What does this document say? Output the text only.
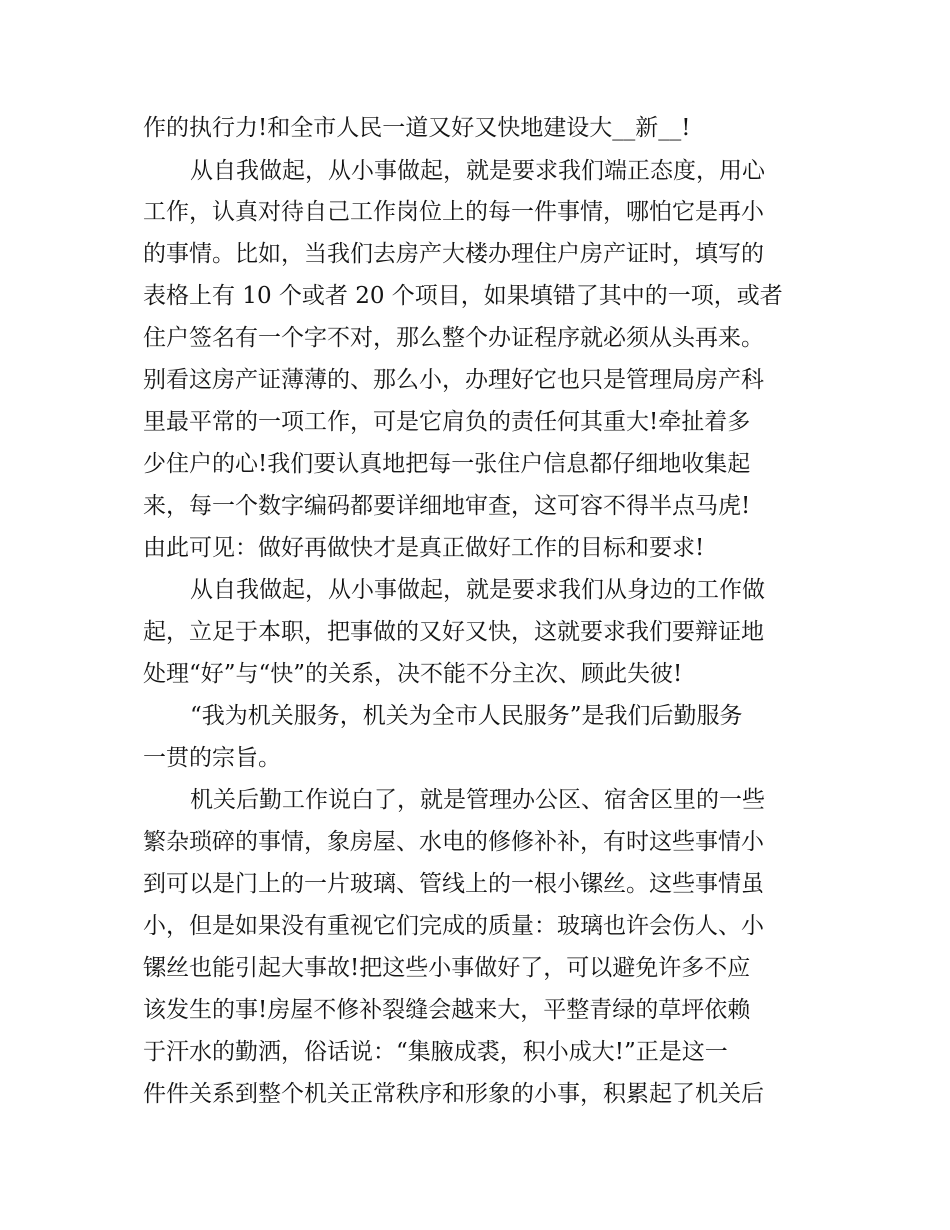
作的执行力!和全市人民一道又好又快地建设大__新__!
从自我做起，从小事做起，就是要求我们端正态度，用心
工作，认真对待自己工作岗位上的每一件事情，哪怕它是再小
的事情。比如，当我们去房产大楼办理住户房产证时，填写的
表格上有 10 个或者 20 个项目，如果填错了其中的一项，或者
住户签名有一个字不对，那么整个办证程序就必须从头再来。
别看这房产证薄薄的、那么小，办理好它也只是管理局房产科
里最平常的一项工作，可是它肩负的责任何其重大!牵扯着多
少住户的心!我们要认真地把每一张住户信息都仔细地收集起
来，每一个数字编码都要详细地审查，这可容不得半点马虎!
由此可见：做好再做快才是真正做好工作的目标和要求!
从自我做起，从小事做起，就是要求我们从身边的工作做
起，立足于本职，把事做的又好又快，这就要求我们要辩证地
处理“好”与“快”的关系，决不能不分主次、顾此失彼!
“我为机关服务，机关为全市人民服务”是我们后勤服务
一贯的宗旨。
机关后勤工作说白了，就是管理办公区、宿舍区里的一些
繁杂琐碎的事情，象房屋、水电的修修补补，有时这些事情小
到可以是门上的一片玻璃、管线上的一根小镙丝。这些事情虽
小，但是如果没有重视它们完成的质量：玻璃也许会伤人、小
镙丝也能引起大事故!把这些小事做好了，可以避免许多不应
该发生的事!房屋不修补裂缝会越来大，平整青绿的草坪依赖
于汗水的勤洒，俗话说：“集腋成裘，积小成大!”正是这一
件件关系到整个机关正常秩序和形象的小事，积累起了机关后
